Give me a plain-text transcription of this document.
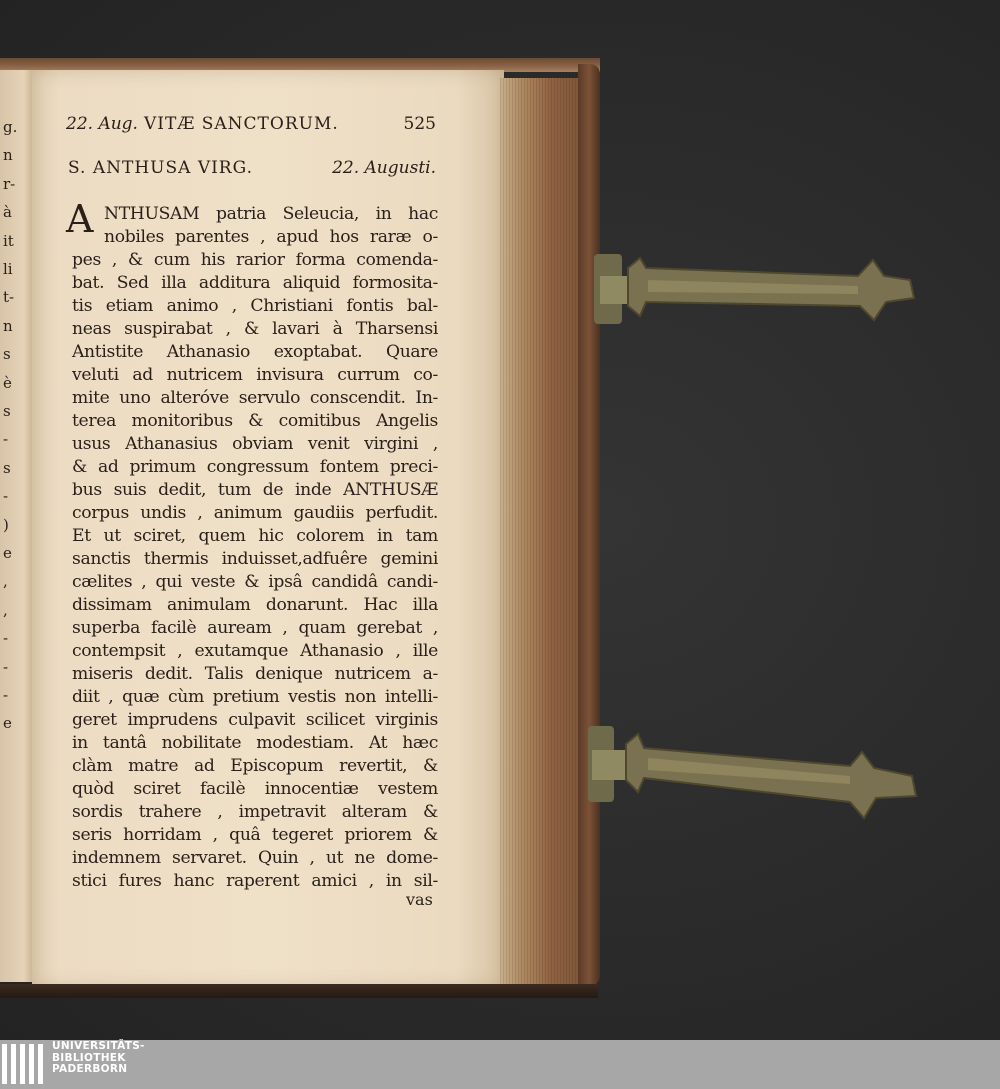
g.
n
r-
à
it
li
t-
n
s
è
s
-
s
-
)
e
,
,
-
-
-
e
22. Aug. VITÆ SANCTORUM.	525
S. ANTHUSA VIRG.	22. Augusti.
A NTHUSAM patria Seleucia, in hac
nobiles parentes , apud hos raræ o-
pes , & cum his rarior forma comenda-
bat. Sed illa additura aliquid formosita-
tis etiam animo , Christiani fontis bal-
neas suspirabat , & lavari à Tharsensi
Antistite Athanasio exoptabat. Quare
veluti ad nutricem invisura currum co-
mite uno alteróve servulo conscendit. In-
terea monitoribus & comitibus Angelis
usus Athanasius obviam venit virgini ,
& ad primum congressum fontem preci-
bus suis dedit, tum de inde ANTHUSÆ
corpus undis , animum gaudiis perfudit.
Et ut sciret, quem hic colorem in tam
sanctis thermis induisset,adfuêre gemini
cælites , qui veste & ipsâ candidâ candi-
dissimam animulam donarunt. Hac illa
superba facilè auream , quam gerebat ,
contempsit , exutamque Athanasio , ille
miseris dedit. Talis denique nutricem a-
diit , quæ cùm pretium vestis non intelli-
geret imprudens culpavit scilicet virginis
in tantâ nobilitate modestiam. At hæc
clàm matre ad Episcopum revertit, &
quòd sciret facilè innocentiæ vestem
sordis trahere , impetravit alteram &
seris horridam , quâ tegeret priorem &
indemnem servaret. Quin , ut ne dome-
stici fures hanc raperent amici , in sil-
vas
UNIVERSITÄTS-
BIBLIOTHEK
PADERBORN
